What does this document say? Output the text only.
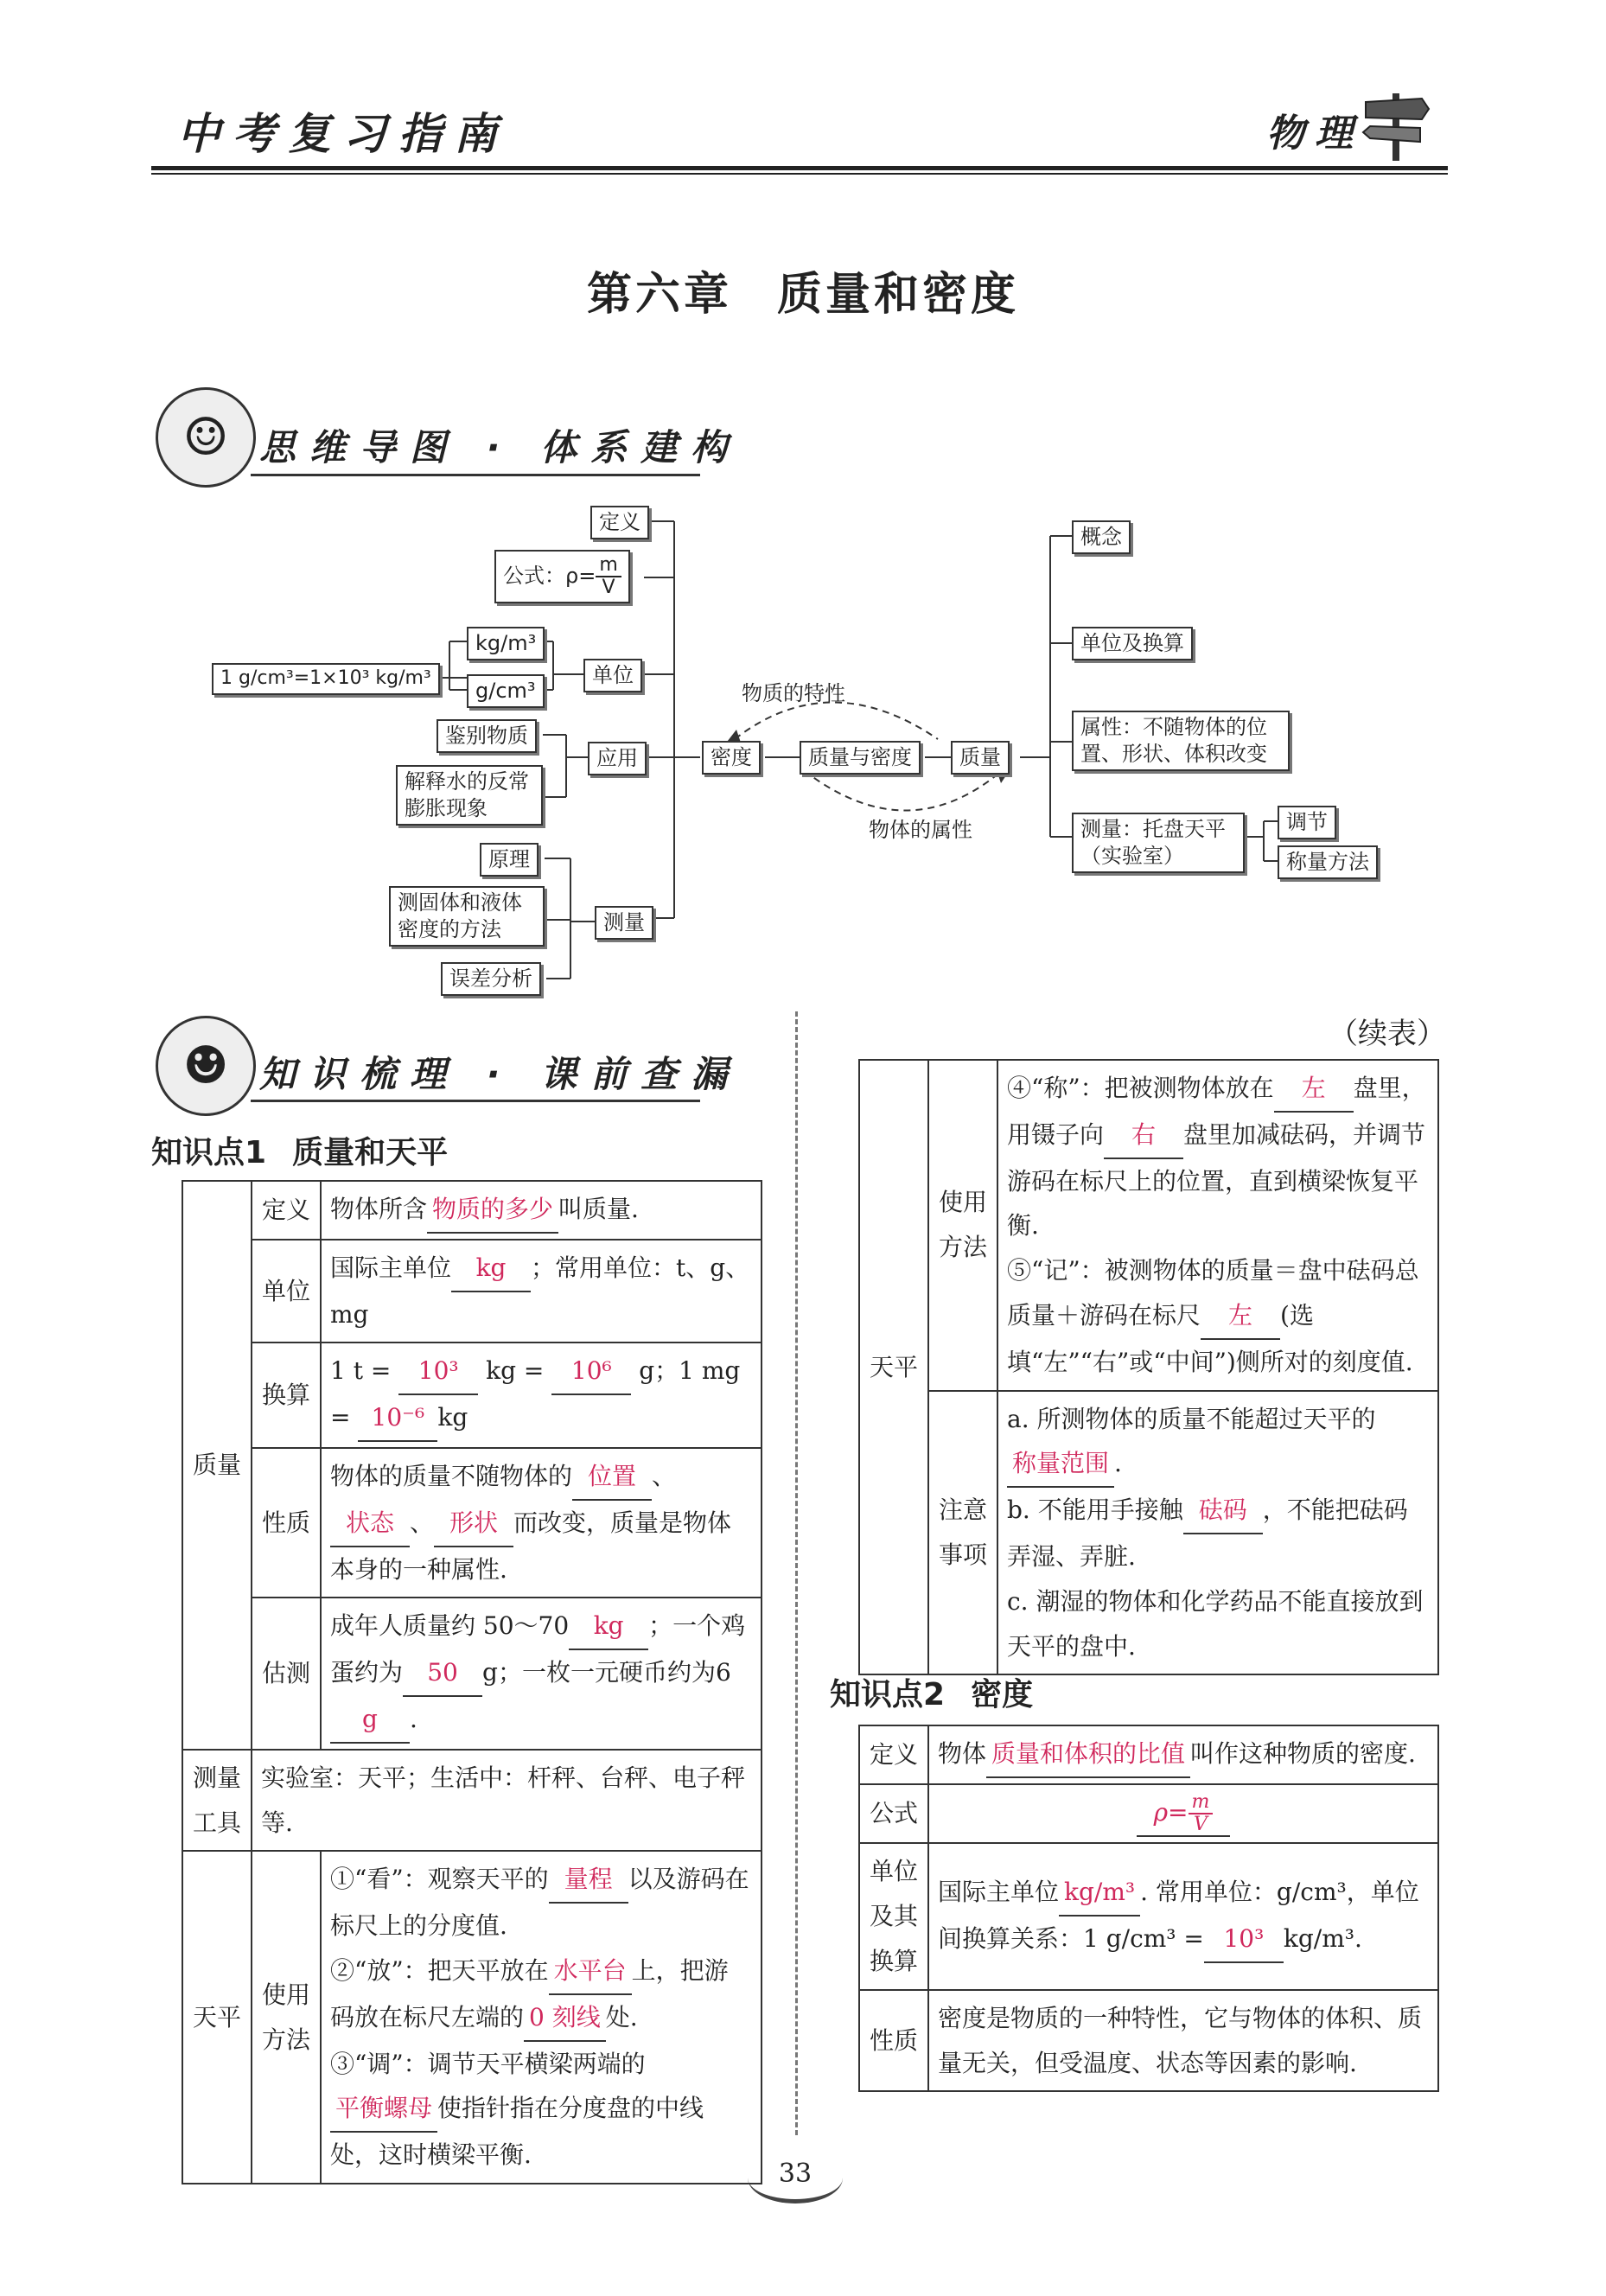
中考复习指南	物理
第六章 质量和密度
☺ 思维导图 · 体系建构
定义
公式：$\rho= \frac{m}{V}$
kg/m³
g/cm³
1 g/cm³=1×10³ kg/m³	单位
鉴别物质
解释水的反常膨胀现象
应用
原理
测固体和液体密度的方法	测量
误差分析
密度	质量与密度	质量
物质的特性
物体的属性
概念
单位及换算
属性：不随物体的位置、形状、体积改变
测量：托盘天平（实验室）
调节
称量方法
☻ 知识梳理 · 课前查漏
（续表）
知识点1 质量和天平
质量	定义	物体所含 物质的多少 叫质量.
	单位	国际主单位 kg ；常用单位：t、g、mg
	换算	1 t = 10³ kg = 10⁶ g；1 mg = 10⁻⁶ kg
	性质	物体的质量不随物体的 位置 、状态 、 形状 而改变，质量是物体本身的一种属性.
	估测	成年人质量约 50～70 kg ；一个鸡蛋约为 50 g；一枚一元硬币约为6g .
测量工具	实验室：天平；生活中：杆秤、台秤、电子秤等.	
天平	使用方法	①“看”：观察天平的 量程 以及游码在标尺上的分度值.
②“放”：把天平放在 水平台 上，把游码放在标尺左端的 0 刻线 处.
③“调”：调节天平横梁两端的平衡螺母 使指针指在分度盘的中线处，这时横梁平衡.
天平	使用方法	④“称”：把被测物体放在 左 盘里，用镊子向 右 盘里加减砝码，并调节游码在标尺上的位置，直到横梁恢复平衡.
⑤“记”：被测物体的质量＝盘中砝码总质量＋游码在标尺 左 (选填“左”“右”或“中间”)侧所对的刻度值.

	注意事项	a. 所测物体的质量不能超过天平的称量范围 .
b. 不能用手接触 砝码 ，不能把砝码弄湿、弄脏.
c. 潮湿的物体和化学药品不能直接放到天平的盘中.
知识点2 密度
定义	物体 质量和体积的比值 叫作这种物质的密度.
公式	$\rho= \frac{m}{V}$

单位及其换算	国际主单位 kg/m³ . 常用单位：g/cm³，单位间换算关系：1 g/cm³ = 10³ kg/m³.
性质	密度是物质的一种特性，它与物体的体积、质量无关，但受温度、状态等因素的影响.
33
